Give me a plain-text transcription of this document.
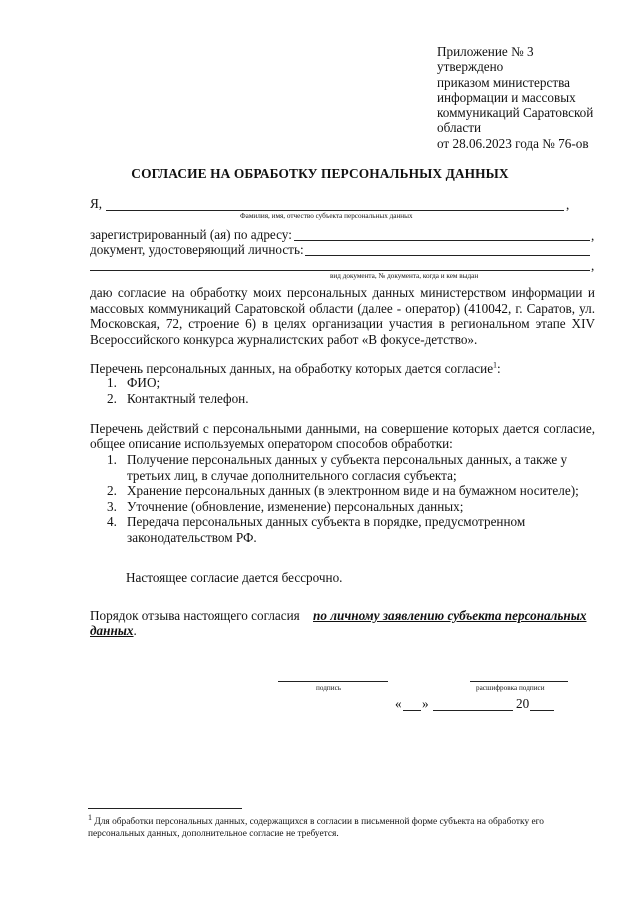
Приложение № 3
утверждено
приказом министерства
информации и массовых
коммуникаций Саратовской
области
от 28.06.2023 года № 76-ов
СОГЛАСИЕ НА ОБРАБОТКУ ПЕРСОНАЛЬНЫХ ДАННЫХ
Я,	,
Фамилия, имя, отчество субъекта персональных данных
зарегистрированный (ая) по адресу:	,
документ, удостоверяющий личность:
,
вид документа, № документа, когда и кем выдан
даю согласие на обработку моих персональных данных министерством информации и массовых коммуникаций Саратовской области (далее - оператор) (410042, г. Саратов, ул. Московская, 72, строение 6) в целях организации участия в региональном этапе XIV Всероссийского конкурса журналистских работ «В фокусе-детство».
Перечень персональных данных, на обработку которых дается согласие$^1$:
1. ФИО;
2. Контактный телефон.
Перечень действий с персональными данными, на совершение которых дается согласие,
общее описание используемых оператором способов обработки:
1. Получение персональных данных у субъекта персональных данных, а также у третьих лиц, в случае дополнительного согласия субъекта;
2. Хранение персональных данных (в электронном виде и на бумажном носителе);
3. Уточнение (обновление, изменение) персональных данных;
4. Передача персональных данных субъекта в порядке, предусмотренном законодательством РФ.
Настоящее согласие дается бессрочно.
Порядок отзыва настоящего согласия по личному заявлению субъекта персональных
данных.
подпись	расшифровка подписи
« »	20
$^1$ Для обработки персональных данных, содержащихся в согласии в письменной форме субъекта на обработку его персональных данных, дополнительное согласие не требуется.
